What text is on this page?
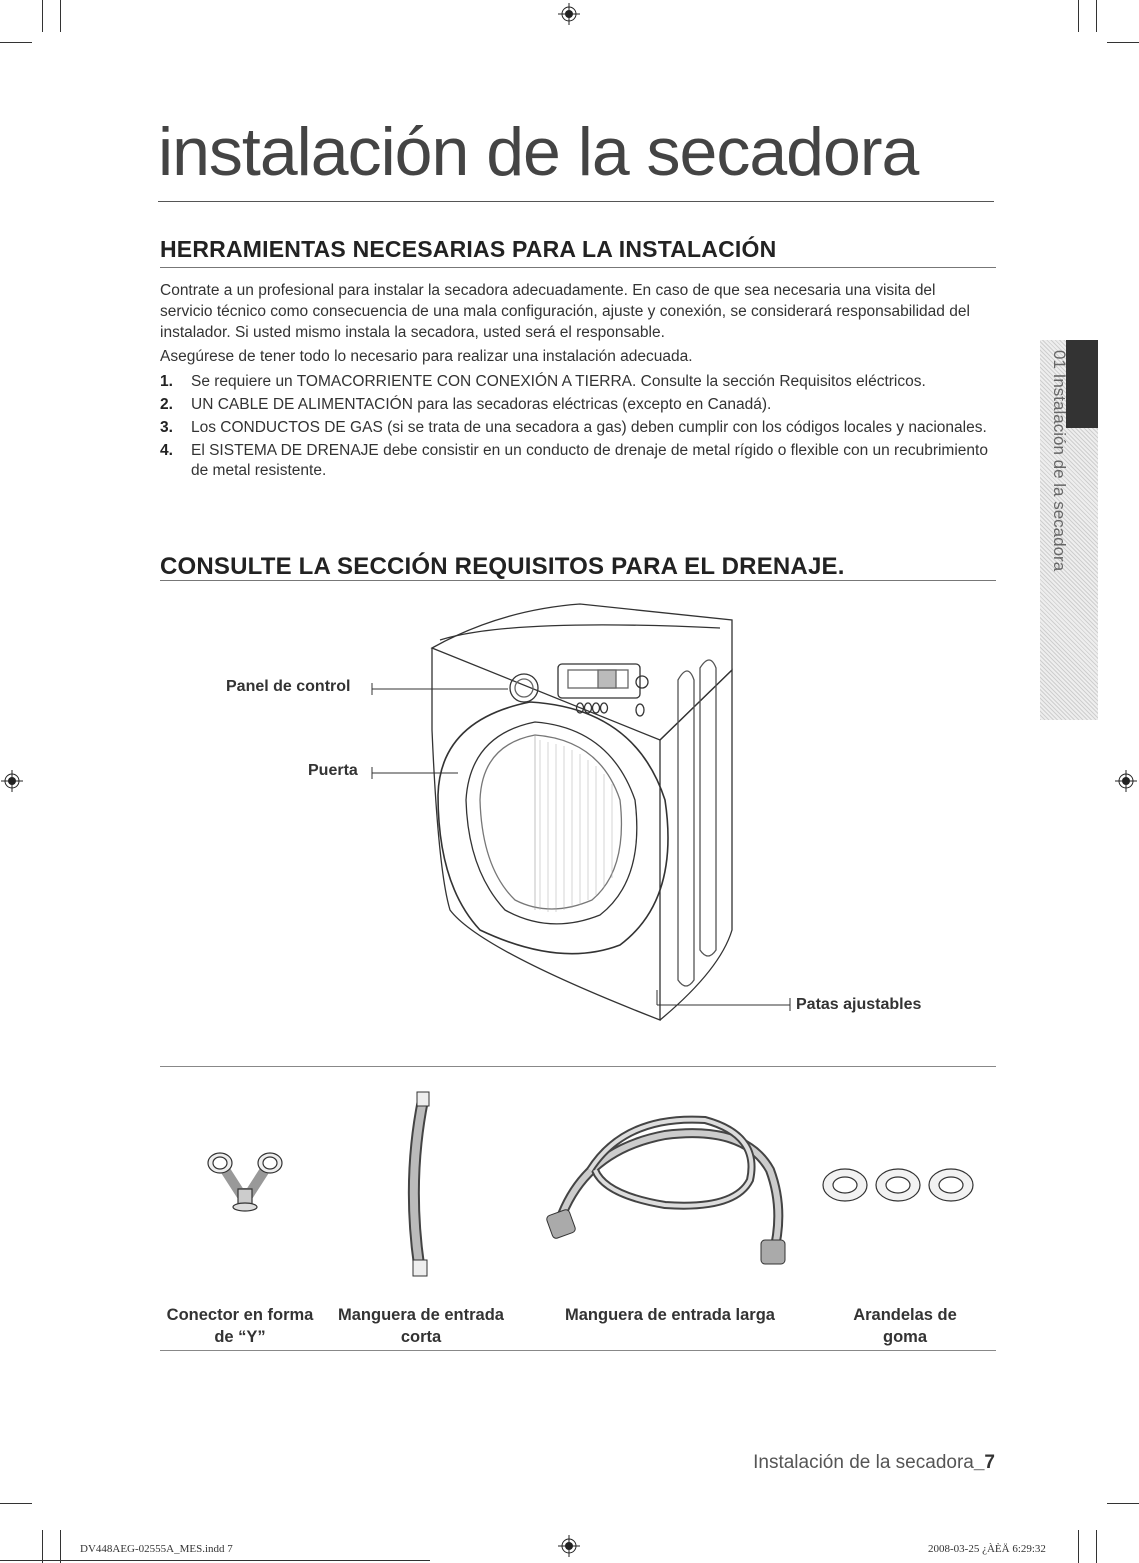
instalación de la secadora
HERRAMIENTAS NECESARIAS PARA LA INSTALACIÓN

Contrate a un profesional para instalar la secadora adecuadamente. En caso de que sea necesaria una visita del servicio técnico como consecuencia de una mala configuración, ajuste y conexión, se considerará responsabilidad del instalador. Si usted mismo instala la secadora, usted será el responsable.

Asegúrese de tener todo lo necesario para realizar una instalación adecuada.

1. Se requiere un TOMACORRIENTE CON CONEXIÓN A TIERRA. Consulte la sección Requisitos eléctricos.
2. UN CABLE DE ALIMENTACIÓN para las secadoras eléctricas (excepto en Canadá).
3. Los CONDUCTOS DE GAS (si se trata de una secadora a gas) deben cumplir con los códigos locales y nacionales.
4. El SISTEMA DE DRENAJE debe consistir en un conducto de drenaje de metal rígido o flexible con un recubrimiento de metal resistente.
CONSULTE LA SECCIÓN REQUISITOS PARA EL DRENAJE.	01 Instalación de la secadora
Panel de control
Puerta
Patas ajustables
Conector en forma de “Y”
Manguera de entrada corta
Manguera de entrada larga	Arandelas de goma
Instalación de la secadora_7
DV448AEG-02555A_MES.indd 7	2008-03-25 ¿ÀÈÄ 6:29:32
